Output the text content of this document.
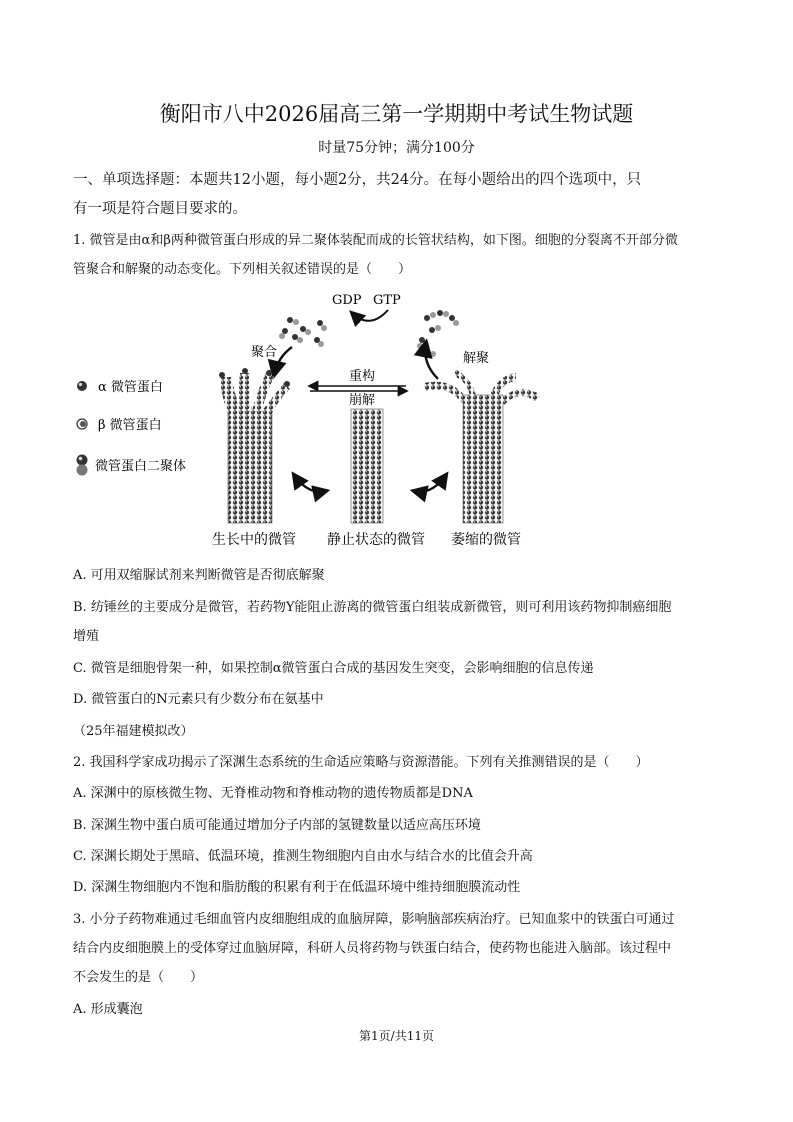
衡阳市八中2026届高三第一学期期中考试生物试题
时量75分钟；满分100分
一、单项选择题：本题共12小题，每小题2分，共24分。在每小题给出的四个选项中，只
有一项是符合题目要求的。
1. 微管是由α和β两种微管蛋白形成的异二聚体装配而成的长管状结构，如下图。细胞的分裂离不开部分微
管聚合和解聚的动态变化。下列相关叙述错误的是（　　）
GDP GTP
聚合	解聚
重构
崩解
α 微管蛋白
β 微管蛋白
微管蛋白二聚体
生长中的微管 静止状态的微管 萎缩的微管
A. 可用双缩脲试剂来判断微管是否彻底解聚
B. 纺锤丝的主要成分是微管，若药物Y能阻止游离的微管蛋白组装成新微管，则可利用该药物抑制癌细胞
增殖
C. 微管是细胞骨架一种，如果控制α微管蛋白合成的基因发生突变，会影响细胞的信息传递
D. 微管蛋白的N元素只有少数分布在氨基中
（25年福建模拟改）
2. 我国科学家成功揭示了深渊生态系统的生命适应策略与资源潜能。下列有关推测错误的是（　　）
A. 深渊中的原核微生物、无脊椎动物和脊椎动物的遗传物质都是DNA
B. 深渊生物中蛋白质可能通过增加分子内部的氢键数量以适应高压环境
C. 深渊长期处于黑暗、低温环境，推测生物细胞内自由水与结合水的比值会升高
D. 深渊生物细胞内不饱和脂肪酸的积累有利于在低温环境中维持细胞膜流动性
3. 小分子药物难通过毛细血管内皮细胞组成的血脑屏障，影响脑部疾病治疗。已知血浆中的铁蛋白可通过
结合内皮细胞膜上的受体穿过血脑屏障，科研人员将药物与铁蛋白结合，使药物也能进入脑部。该过程中
不会发生的是（　　）
A. 形成囊泡
第1页/共11页
